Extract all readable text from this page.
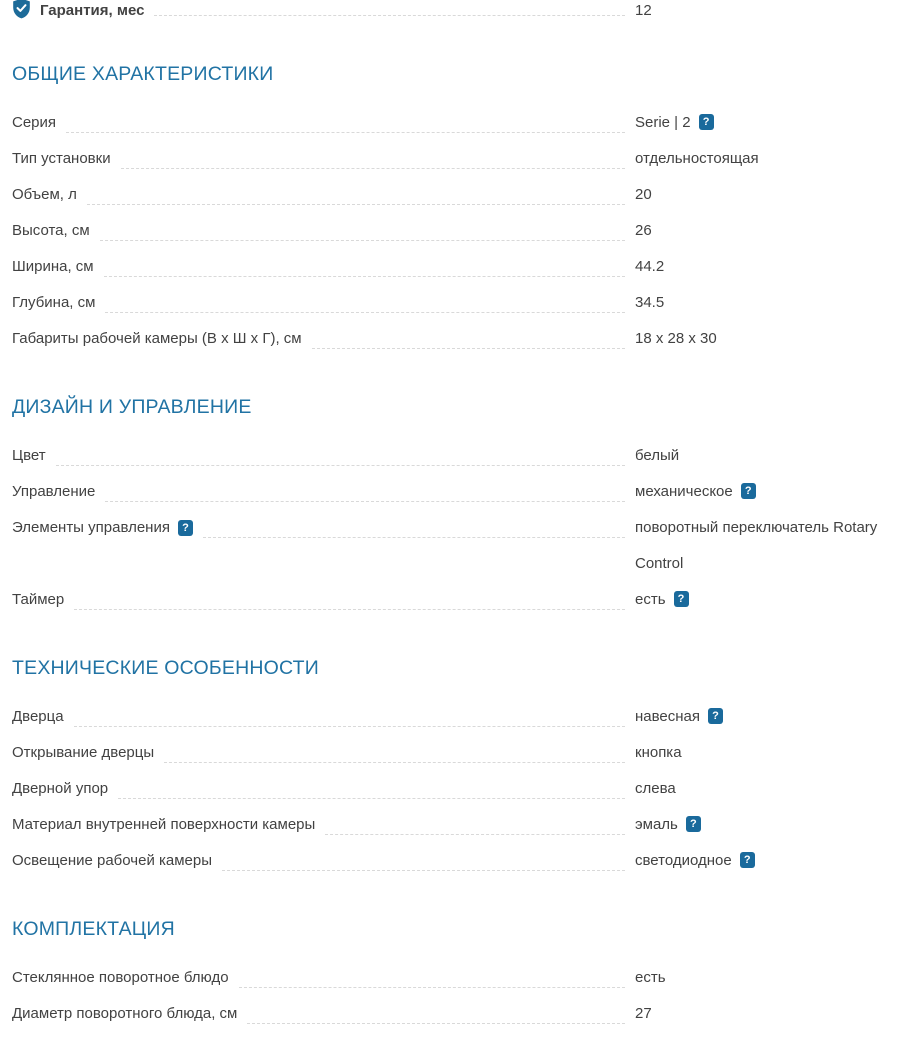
Гарантия, мес	12
ОБЩИЕ ХАРАКТЕРИСТИКИ
Серия	Serie | 2 ?
Тип установки	отдельностоящая
Объем, л	20
Высота, см	26
Ширина, см	44.2
Глубина, см	34.5
Габариты рабочей камеры (В х Ш х Г), см	18 x 28 x 30
ДИЗАЙН И УПРАВЛЕНИЕ
Цвет	белый
Управление	механическое ?
Элементы управления	?	поворотный переключатель Rotary Control
Таймер	есть ?
ТЕХНИЧЕСКИЕ ОСОБЕННОСТИ
Дверца	навесная ?
Открывание дверцы	кнопка
Дверной упор	слева
Материал внутренней поверхности камеры	эмаль ?
Освещение рабочей камеры	светодиодное ?
КОМПЛЕКТАЦИЯ
Стеклянное поворотное блюдо	есть
Диаметр поворотного блюда, см	27
